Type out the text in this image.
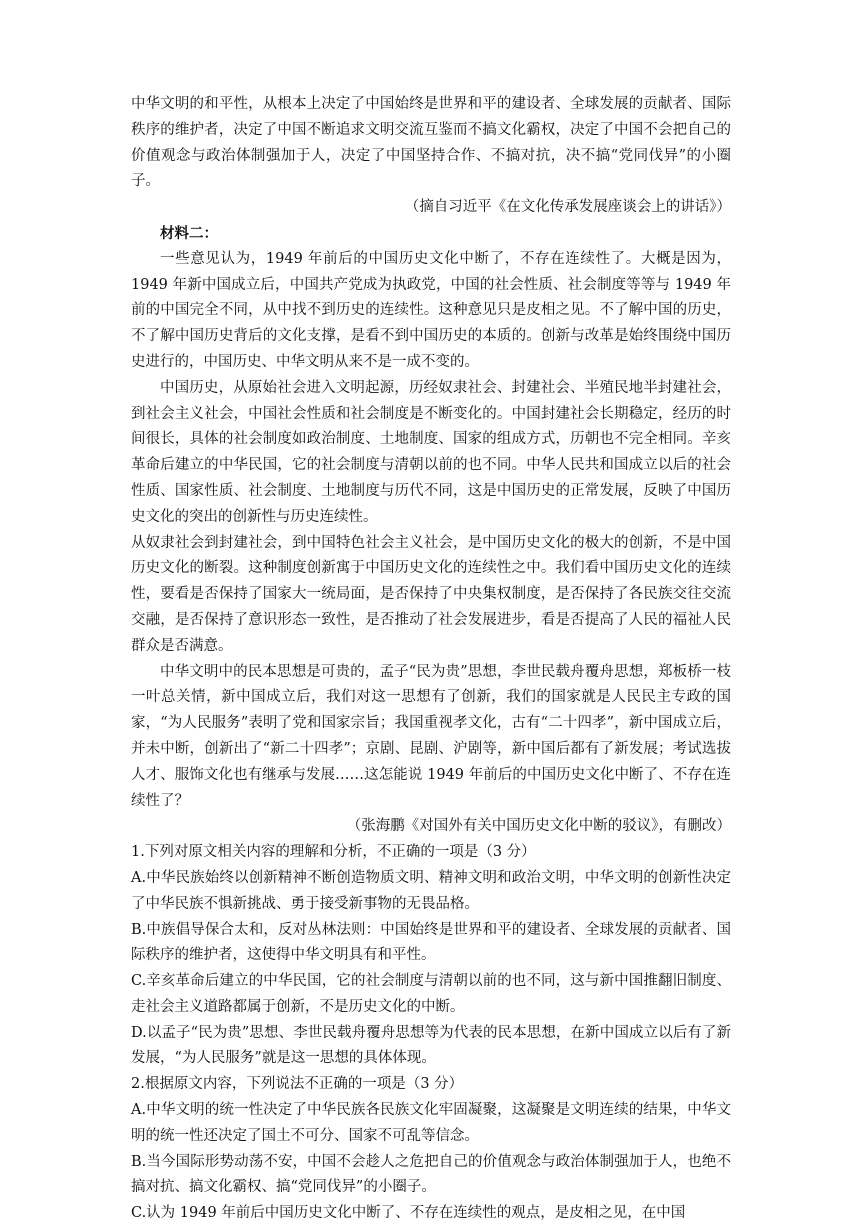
中华文明的和平性，从根本上决定了中国始终是世界和平的建设者、全球发展的贡献者、国际秩序的维护者，决定了中国不断追求文明交流互鉴而不搞文化霸权，决定了中国不会把自己的价值观念与政治体制强加于人，决定了中国坚持合作、不搞对抗，决不搞“党同伐异”的小圈子。

（摘自习近平《在文化传承发展座谈会上的讲话》）

材料二：

一些意见认为，1949 年前后的中国历史文化中断了，不存在连续性了。大概是因为，1949 年新中国成立后，中国共产党成为执政党，中国的社会性质、社会制度等等与 1949 年前的中国完全不同，从中找不到历史的连续性。这种意见只是皮相之见。不了解中国的历史，不了解中国历史背后的文化支撑，是看不到中国历史的本质的。创新与改革是始终围绕中国历史进行的，中国历史、中华文明从来不是一成不变的。

中国历史，从原始社会进入文明起源，历经奴隶社会、封建社会、半殖民地半封建社会，到社会主义社会，中国社会性质和社会制度是不断变化的。中国封建社会长期稳定，经历的时间很长，具体的社会制度如政治制度、土地制度、国家的组成方式，历朝也不完全相同。辛亥革命后建立的中华民国，它的社会制度与清朝以前的也不同。中华人民共和国成立以后的社会性质、国家性质、社会制度、土地制度与历代不同，这是中国历史的正常发展，反映了中国历史文化的突出的创新性与历史连续性。

从奴隶社会到封建社会，到中国特色社会主义社会，是中国历史文化的极大的创新，不是中国历史文化的断裂。这种制度创新寓于中国历史文化的连续性之中。我们看中国历史文化的连续性，要看是否保持了国家大一统局面，是否保持了中央集权制度，是否保持了各民族交往交流交融，是否保持了意识形态一致性，是否推动了社会发展进步，看是否提高了人民的福祉人民群众是否满意。

中华文明中的民本思想是可贵的，孟子“民为贵”思想，李世民载舟覆舟思想，郑板桥一枝一叶总关情，新中国成立后，我们对这一思想有了创新，我们的国家就是人民民主专政的国家，“为人民服务”表明了党和国家宗旨；我国重视孝文化，古有“二十四孝”，新中国成立后，并未中断，创新出了“新二十四孝”；京剧、昆剧、沪剧等，新中国后都有了新发展；考试选拔人才、服饰文化也有继承与发展……这怎能说 1949 年前后的中国历史文化中断了、不存在连续性了？

（张海鹏《对国外有关中国历史文化中断的驳议》，有删改）

1.下列对原文相关内容的理解和分析，不正确的一项是（3 分）

A.中华民族始终以创新精神不断创造物质文明、精神文明和政治文明，中华文明的创新性决定了中华民族不惧新挑战、勇于接受新事物的无畏品格。

B.中族倡导保合太和，反对丛林法则：中国始终是世界和平的建设者、全球发展的贡献者、国际秩序的维护者，这使得中华文明具有和平性。

C.辛亥革命后建立的中华民国，它的社会制度与清朝以前的也不同，这与新中国推翻旧制度、走社会主义道路都属于创新，不是历史文化的中断。

D.以孟子“民为贵”思想、李世民载舟覆舟思想等为代表的民本思想，在新中国成立以后有了新发展，“为人民服务”就是这一思想的具体体现。

2.根据原文内容，下列说法不正确的一项是（3 分）

A.中华文明的统一性决定了中华民族各民族文化牢固凝聚，这凝聚是文明连续的结果，中华文明的统一性还决定了国土不可分、国家不可乱等信念。

B.当今国际形势动荡不安，中国不会趁人之危把自己的价值观念与政治体制强加于人，也绝不搞对抗、搞文化霸权、搞“党同伐异”的小圈子。

C.认为 1949 年前后中国历史文化中断了、不存在连续性的观点，是皮相之见，在中国
